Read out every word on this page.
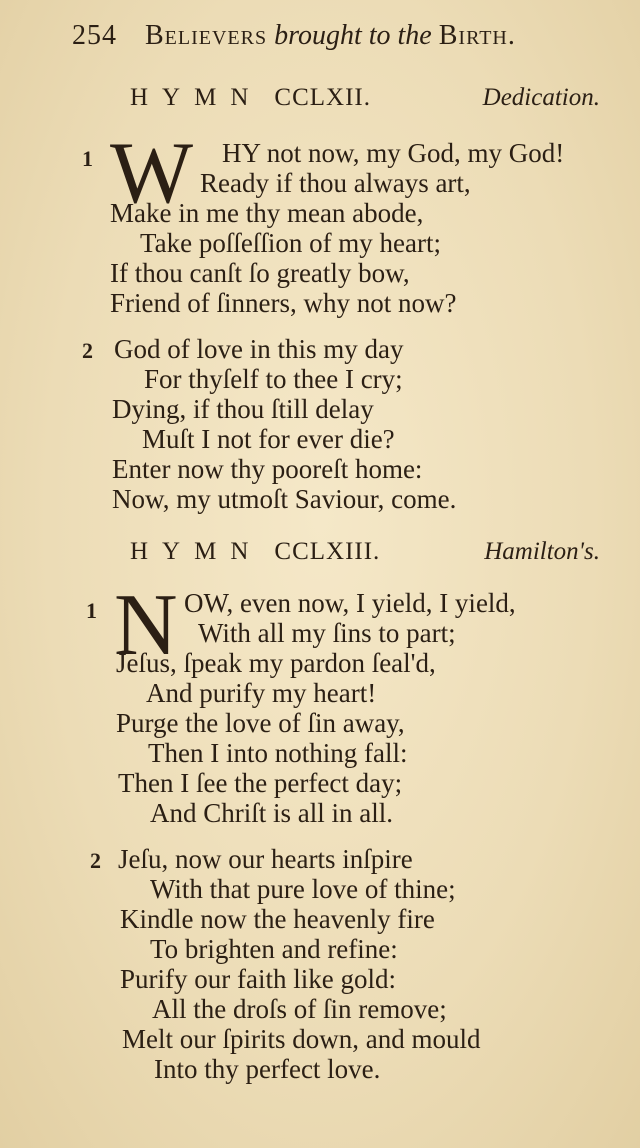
254 Believers brought to the Birth.
HYMN CCLXII.	Dedication.
1 W HY not now, my God, my God!
Ready if thou always art,
Make in me thy mean abode,
Take poſſeſſion of my heart;
If thou canſt ſo greatly bow,
Friend of ſinners, why not now?
2 God of love in this my day
For thyſelf to thee I cry;
Dying, if thou ſtill delay
Muſt I not for ever die?
Enter now thy pooreſt home:
Now, my utmoſt Saviour, come.
HYMN CCLXIII.	Hamilton's.
1 N OW, even now, I yield, I yield,
With all my ſins to part;
Jeſus, ſpeak my pardon ſeal'd,
And purify my heart!
Purge the love of ſin away,
Then I into nothing fall:
Then I ſee the perfect day;
And Chriſt is all in all.
2 Jeſu, now our hearts inſpire
With that pure love of thine;
Kindle now the heavenly fire
To brighten and refine:
Purify our faith like gold:
All the droſs of ſin remove;
Melt our ſpirits down, and mould
Into thy perfect love.
